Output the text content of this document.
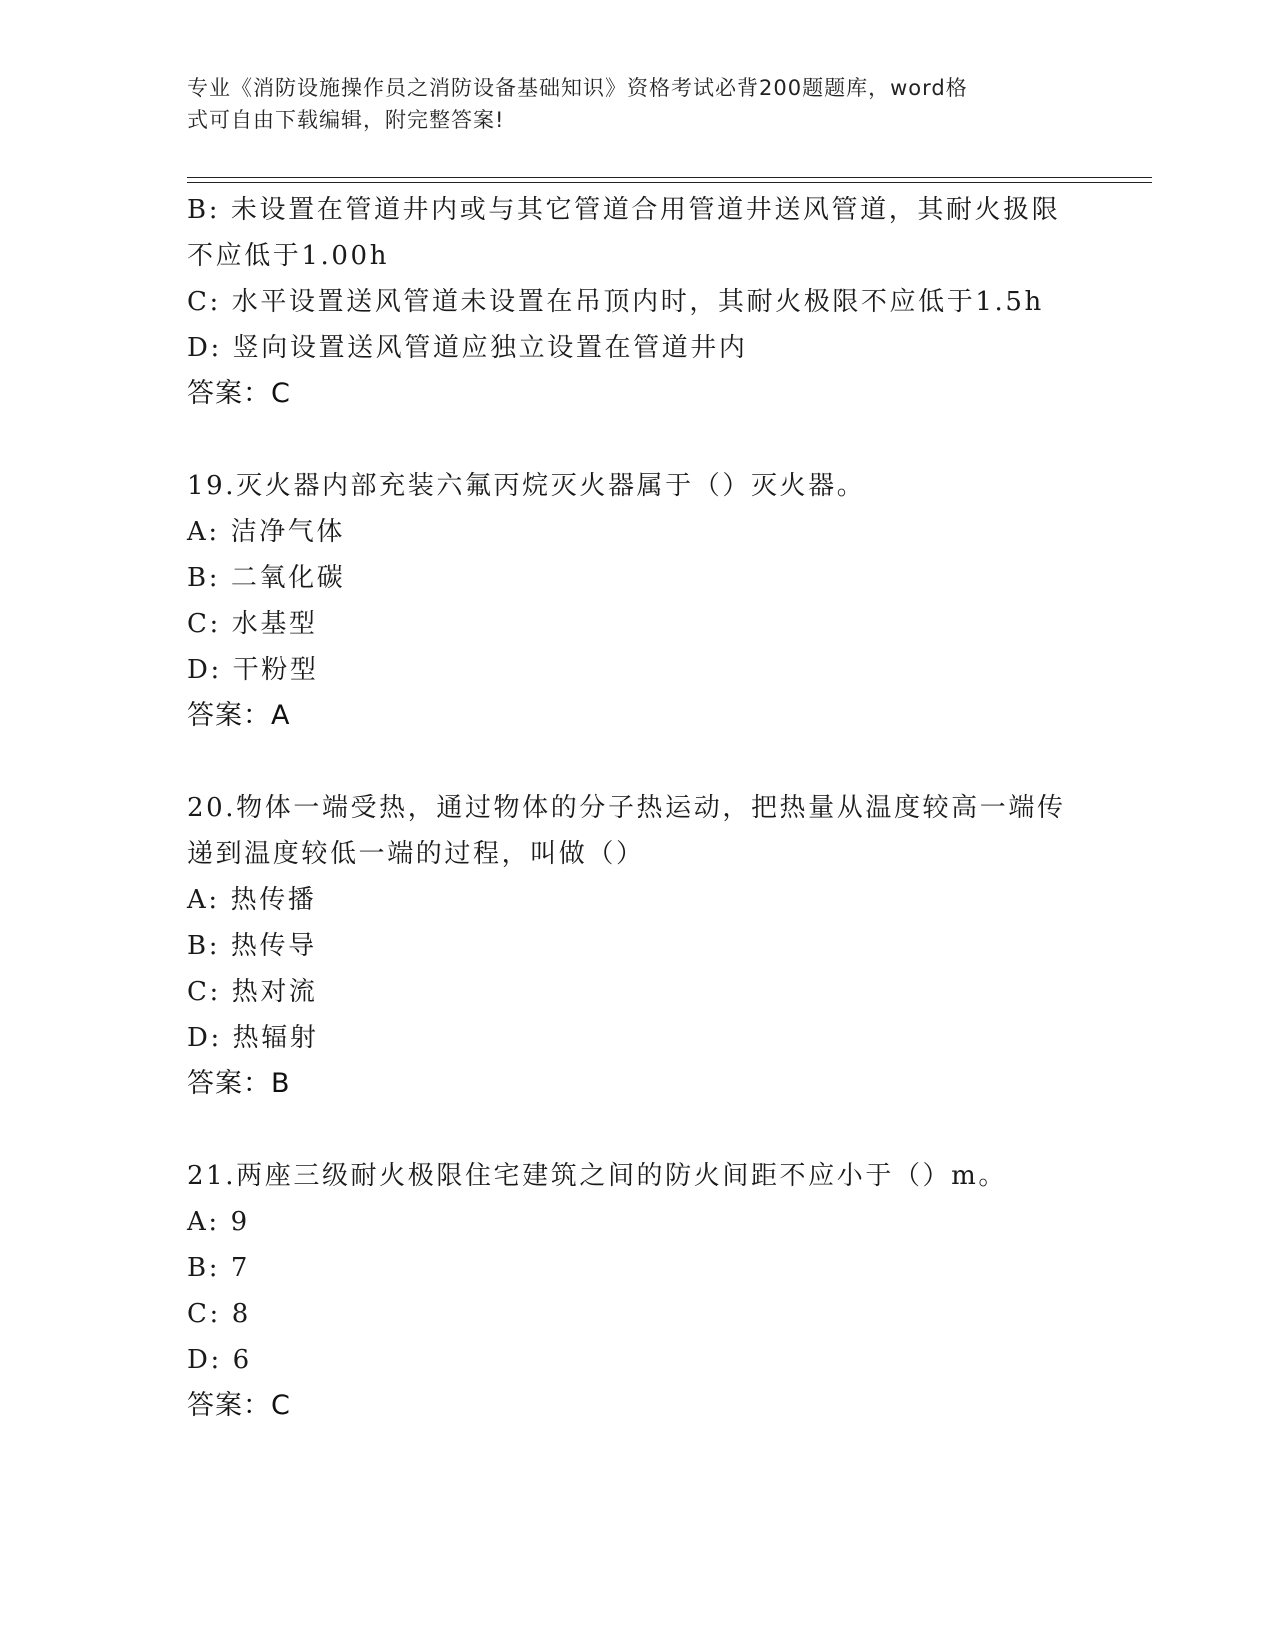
专业《消防设施操作员之消防设备基础知识》资格考试必背200题题库，word格
式可自由下载编辑，附完整答案!
B: 未设置在管道井内或与其它管道合用管道井送风管道，其耐火扱限
不应低于1.00h
C: 水平设置送风管道未设置在吊顶内时，其耐火极限不应低于1.5h
D: 竖向设置送风管道应独立设置在管道井内
答案：C
19.灭火器内部充装六氟丙烷灭火器属于（）灭火器。
A: 洁净气体
B: 二氧化碳
C: 水基型
D: 干粉型
答案：A
20.物体一端受热，通过物体的分子热运动，把热量从温度较高一端传
递到温度较低一端的过程，叫做（）
A: 热传播
B: 热传导
C: 热对流
D: 热辐射
答案：B
21.两座三级耐火极限住宅建筑之间的防火间距不应小于（）m。
A: 9
B: 7
C: 8
D: 6
答案：C
